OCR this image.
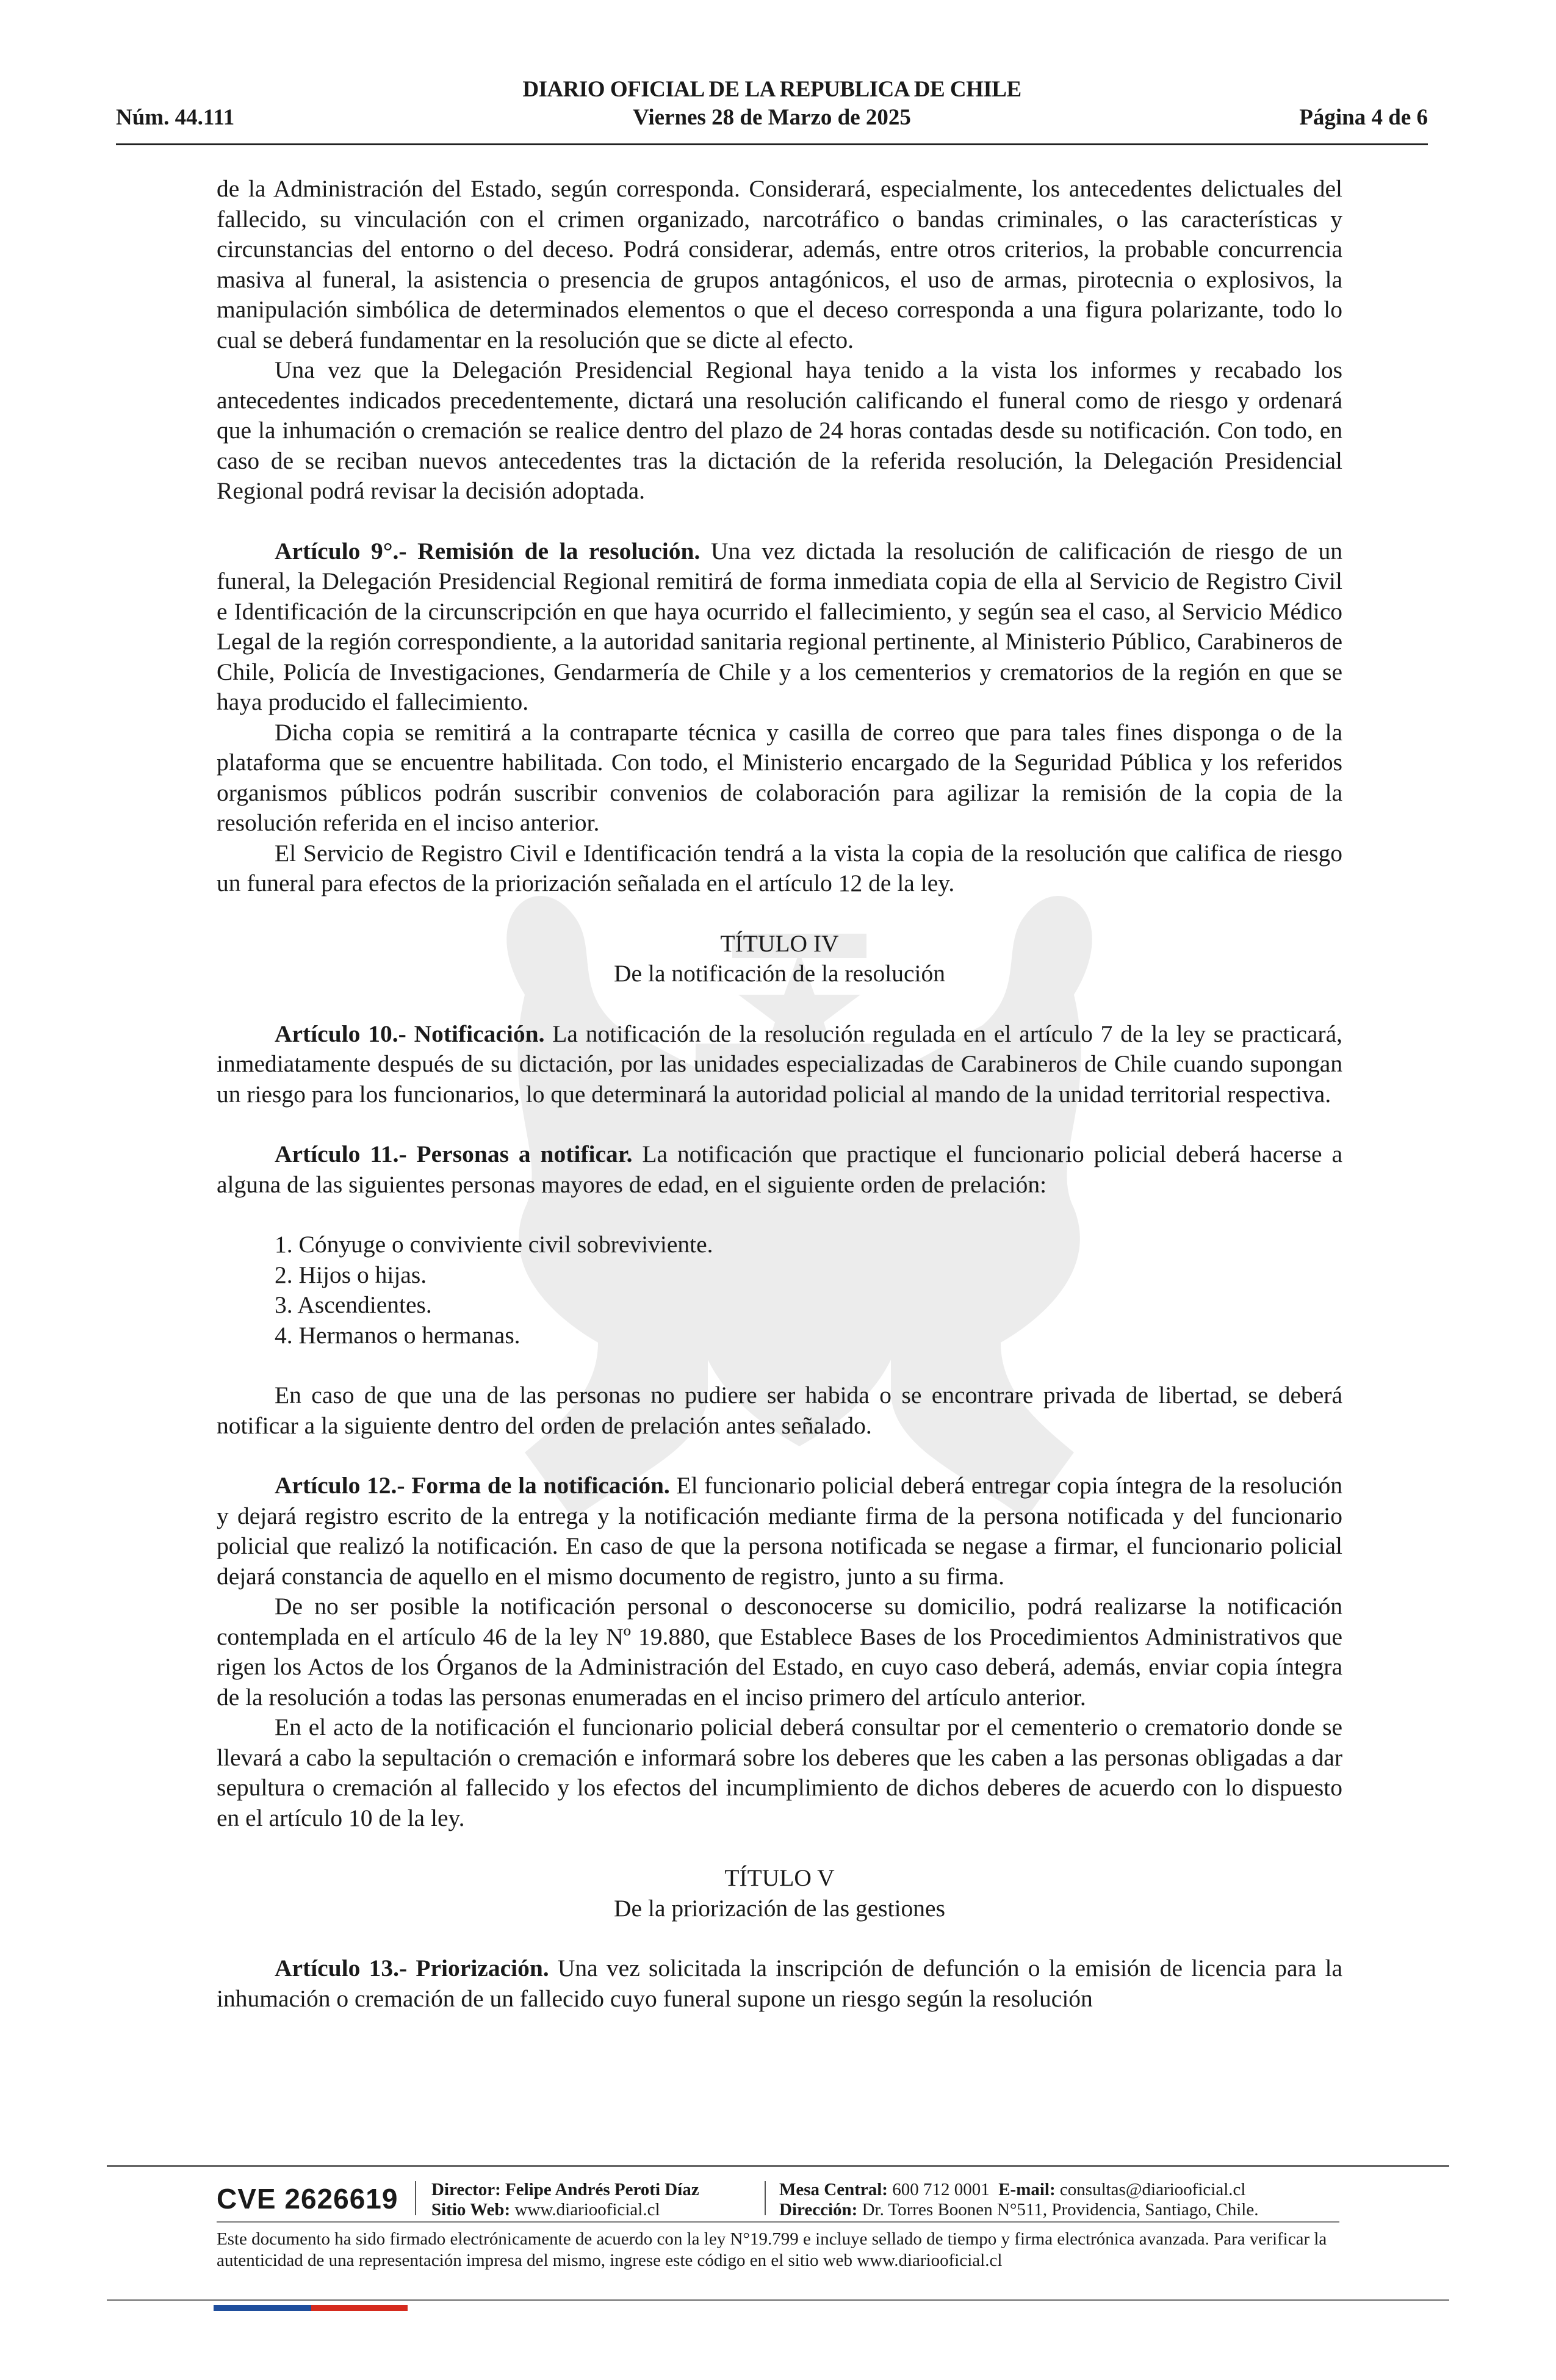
DIARIO OFICIAL DE LA REPUBLICA DE CHILE
Núm. 44.111	Viernes 28 de Marzo de 2025	Página 4 de 6

de la Administración del Estado, según corresponda. Considerará, especialmente, los antecedentes delictuales del fallecido, su vinculación con el crimen organizado, narcotráfico o bandas criminales, o las características y circunstancias del entorno o del deceso. Podrá considerar, además, entre otros criterios, la probable concurrencia masiva al funeral, la asistencia o presencia de grupos antagónicos, el uso de armas, pirotecnia o explosivos, la manipulación simbólica de determinados elementos o que el deceso corresponda a una figura polarizante, todo lo cual se deberá fundamentar en la resolución que se dicte al efecto.

Una vez que la Delegación Presidencial Regional haya tenido a la vista los informes y recabado los antecedentes indicados precedentemente, dictará una resolución calificando el funeral como de riesgo y ordenará que la inhumación o cremación se realice dentro del plazo de 24 horas contadas desde su notificación. Con todo, en caso de se reciban nuevos antecedentes tras la dictación de la referida resolución, la Delegación Presidencial Regional podrá revisar la decisión adoptada.

Artículo 9°.- Remisión de la resolución. Una vez dictada la resolución de calificación de riesgo de un funeral, la Delegación Presidencial Regional remitirá de forma inmediata copia de ella al Servicio de Registro Civil e Identificación de la circunscripción en que haya ocurrido el fallecimiento, y según sea el caso, al Servicio Médico Legal de la región correspondiente, a la autoridad sanitaria regional pertinente, al Ministerio Público, Carabineros de Chile, Policía de Investigaciones, Gendarmería de Chile y a los cementerios y crematorios de la región en que se haya producido el fallecimiento.

Dicha copia se remitirá a la contraparte técnica y casilla de correo que para tales fines disponga o de la plataforma que se encuentre habilitada. Con todo, el Ministerio encargado de la Seguridad Pública y los referidos organismos públicos podrán suscribir convenios de colaboración para agilizar la remisión de la copia de la resolución referida en el inciso anterior.

El Servicio de Registro Civil e Identificación tendrá a la vista la copia de la resolución que califica de riesgo un funeral para efectos de la priorización señalada en el artículo 12 de la ley.

TÍTULO IV

De la notificación de la resolución

Artículo 10.- Notificación. La notificación de la resolución regulada en el artículo 7 de la ley se practicará, inmediatamente después de su dictación, por las unidades especializadas de Carabineros de Chile cuando supongan un riesgo para los funcionarios, lo que determinará la autoridad policial al mando de la unidad territorial respectiva.

Artículo 11.- Personas a notificar. La notificación que practique el funcionario policial deberá hacerse a alguna de las siguientes personas mayores de edad, en el siguiente orden de prelación:

1. Cónyuge o conviviente civil sobreviviente.
2. Hijos o hijas.
3. Ascendientes.
4. Hermanos o hermanas.

En caso de que una de las personas no pudiere ser habida o se encontrare privada de libertad, se deberá notificar a la siguiente dentro del orden de prelación antes señalado.

Artículo 12.- Forma de la notificación. El funcionario policial deberá entregar copia íntegra de la resolución y dejará registro escrito de la entrega y la notificación mediante firma de la persona notificada y del funcionario policial que realizó la notificación. En caso de que la persona notificada se negase a firmar, el funcionario policial dejará constancia de aquello en el mismo documento de registro, junto a su firma.

De no ser posible la notificación personal o desconocerse su domicilio, podrá realizarse la notificación contemplada en el artículo 46 de la ley Nº 19.880, que Establece Bases de los Procedimientos Administrativos que rigen los Actos de los Órganos de la Administración del Estado, en cuyo caso deberá, además, enviar copia íntegra de la resolución a todas las personas enumeradas en el inciso primero del artículo anterior.

En el acto de la notificación el funcionario policial deberá consultar por el cementerio o crematorio donde se llevará a cabo la sepultación o cremación e informará sobre los deberes que les caben a las personas obligadas a dar sepultura o cremación al fallecido y los efectos del incumplimiento de dichos deberes de acuerdo con lo dispuesto en el artículo 10 de la ley.

TÍTULO V

De la priorización de las gestiones

Artículo 13.- Priorización. Una vez solicitada la inscripción de defunción o la emisión de licencia para la inhumación o cremación de un fallecido cuyo funeral supone un riesgo según la resolución

CVE 2626619 Director: Felipe Andrés Peroti Díaz
Sitio Web: www.diariooficial.cl
Mesa Central: 600 712 0001 E-mail: consultas@diariooficial.cl
Dirección: Dr. Torres Boonen N°511, Providencia, Santiago, Chile.
Este documento ha sido firmado electrónicamente de acuerdo con la ley N°19.799 e incluye sellado de tiempo y firma electrónica avanzada. Para verificar la autenticidad de una representación impresa del mismo, ingrese este código en el sitio web www.diariooficial.cl
